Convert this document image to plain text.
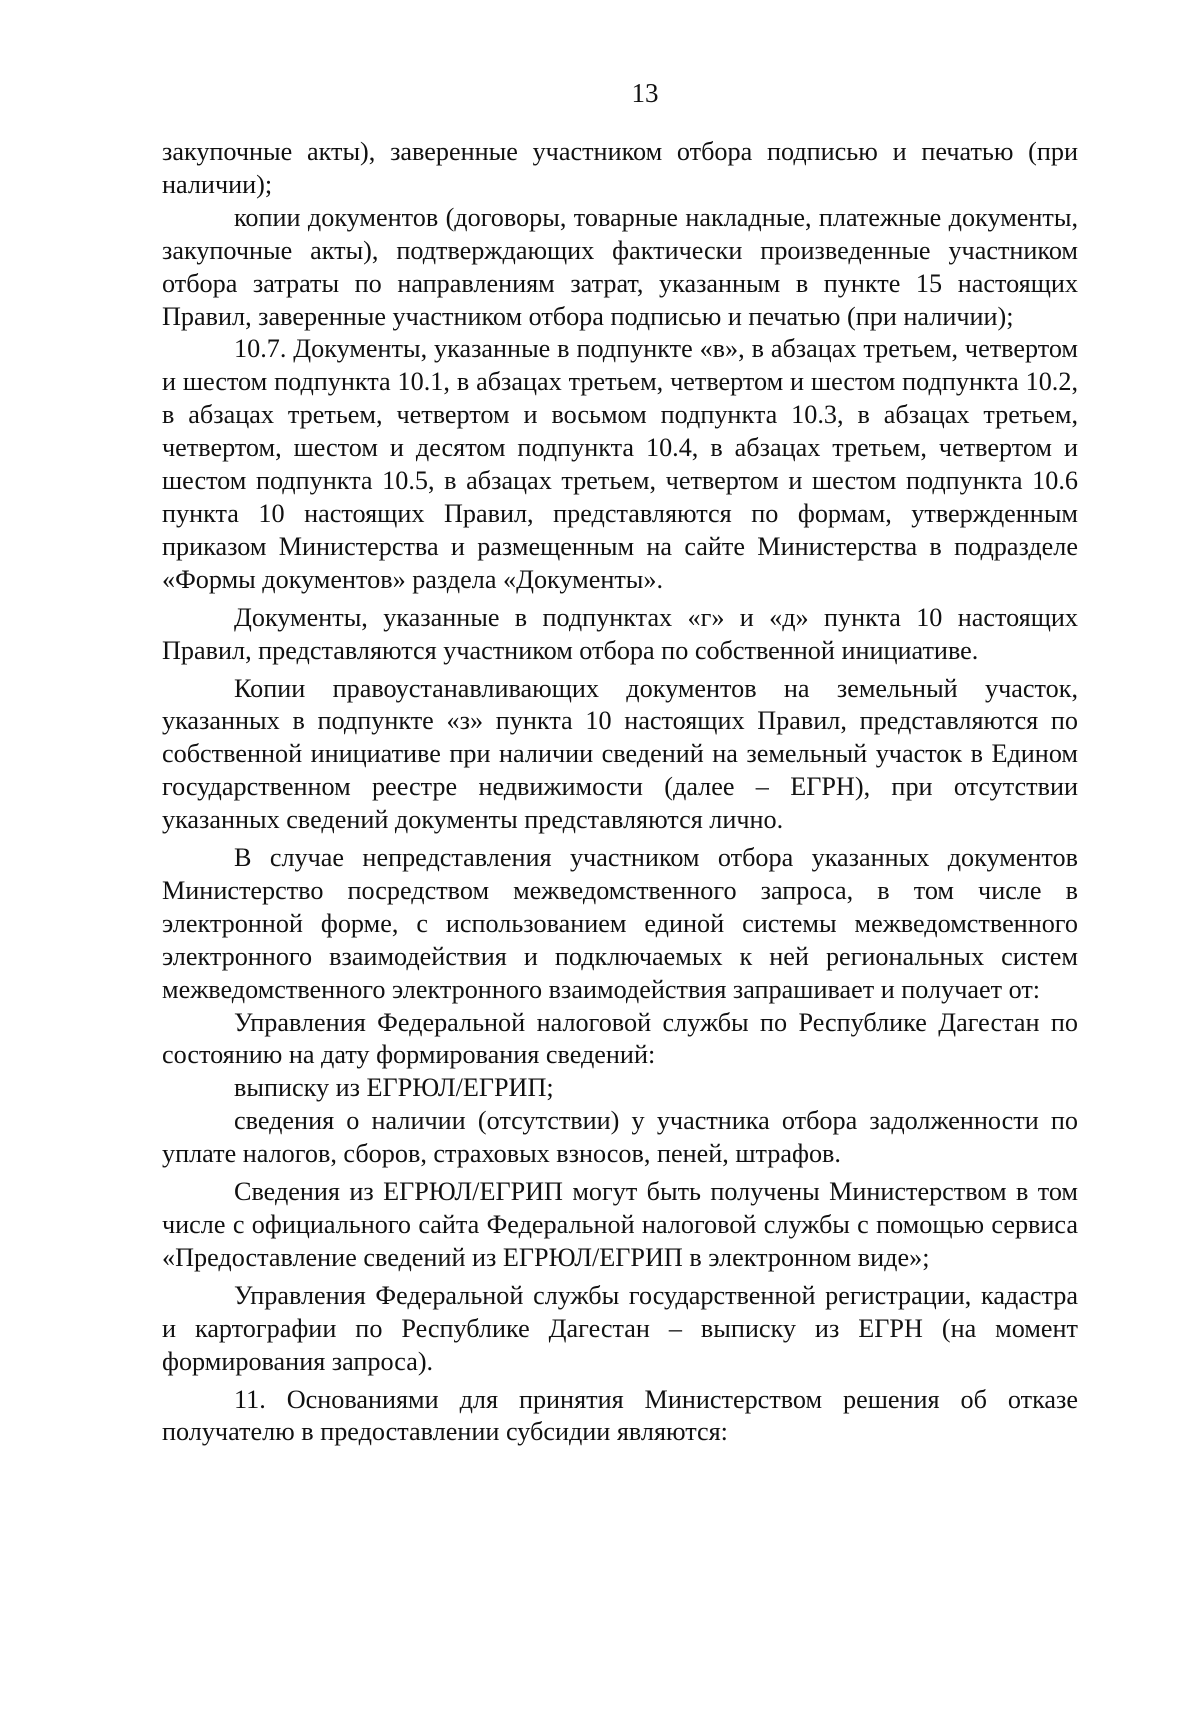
13

закупочные акты), заверенные участником отбора подписью и печатью (при наличии);

копии документов (договоры, товарные накладные, платежные документы, закупочные акты), подтверждающих фактически произведенные участником отбора затраты по направлениям затрат, указанным в пункте 15 настоящих Правил, заверенные участником отбора подписью и печатью (при наличии);

10.7. Документы, указанные в подпункте «в», в абзацах третьем, четвертом и шестом подпункта 10.1, в абзацах третьем, четвертом и шестом подпункта 10.2, в абзацах третьем, четвертом и восьмом подпункта 10.3, в абзацах третьем, четвертом, шестом и десятом подпункта 10.4, в абзацах третьем, четвертом и шестом подпункта 10.5, в абзацах третьем, четвертом и шестом подпункта 10.6 пункта 10 настоящих Правил, представляются по формам, утвержденным приказом Министерства и размещенным на сайте Министерства в подразделе «Формы документов» раздела «Документы».

Документы, указанные в подпунктах «г» и «д» пункта 10 настоящих Правил, представляются участником отбора по собственной инициативе.

Копии правоустанавливающих документов на земельный участок, указанных в подпункте «з» пункта 10 настоящих Правил, представляются по собственной инициативе при наличии сведений на земельный участок в Едином государственном реестре недвижимости (далее – ЕГРН), при отсутствии указанных сведений документы представляются лично.

В случае непредставления участником отбора указанных документов Министерство посредством межведомственного запроса, в том числе в электронной форме, с использованием единой системы межведомственного электронного взаимодействия и подключаемых к ней региональных систем межведомственного электронного взаимодействия запрашивает и получает от:

Управления Федеральной налоговой службы по Республике Дагестан по состоянию на дату формирования сведений:

выписку из ЕГРЮЛ/ЕГРИП;

сведения о наличии (отсутствии) у участника отбора задолженности по уплате налогов, сборов, страховых взносов, пеней, штрафов.

Сведения из ЕГРЮЛ/ЕГРИП могут быть получены Министерством в том числе с официального сайта Федеральной налоговой службы с помощью сервиса «Предоставление сведений из ЕГРЮЛ/ЕГРИП в электронном виде»;

Управления Федеральной службы государственной регистрации, кадастра и картографии по Республике Дагестан – выписку из ЕГРН (на момент формирования запроса).

11. Основаниями для принятия Министерством решения об отказе получателю в предоставлении субсидии являются:
